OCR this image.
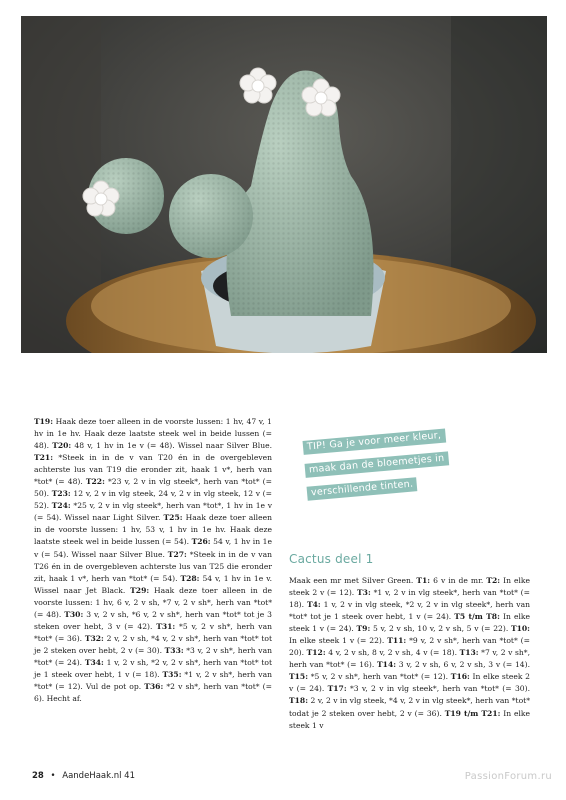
T19: Haak deze toer alleen in de voorste lussen: 1 hv, 47 v, 1 hv in 1e hv. Haak deze laatste steek wel in beide lussen (= 48). T20: 48 v, 1 hv in 1e v (= 48). Wissel naar Silver Blue. T21: *Steek in in de v van T20 én in de overgebleven achterste lus van T19 die eronder zit, haak 1 v*, herh van *tot* (= 48). T22: *23 v, 2 v in vlg steek*, herh van *tot* (= 50). T23: 12 v, 2 v in vlg steek, 24 v, 2 v in vlg steek, 12 v (= 52). T24: *25 v, 2 v in vlg steek*, herh van *tot*, 1 hv in 1e v (= 54). Wissel naar Light Silver. T25: Haak deze toer alleen in de voorste lussen: 1 hv, 53 v, 1 hv in 1e hv. Haak deze laatste steek wel in beide lussen (= 54). T26: 54 v, 1 hv in 1e v (= 54). Wissel naar Silver Blue. T27: *Steek in in de v van T26 én in de overgebleven achterste lus van T25 die eronder zit, haak 1 v*, herh van *tot* (= 54). T28: 54 v, 1 hv in 1e v. Wissel naar Jet Black. T29: Haak deze toer alleen in de voorste lussen: 1 hv, 6 v, 2 v sh, *7 v, 2 v sh*, herh van *tot* (= 48). T30: 3 v, 2 v sh, *6 v, 2 v sh*, herh van *tot* tot je 3 steken over hebt, 3 v (= 42). T31: *5 v, 2 v sh*, herh van *tot* (= 36). T32: 2 v, 2 v sh, *4 v, 2 v sh*, herh van *tot* tot je 2 steken over hebt, 2 v (= 30). T33: *3 v, 2 v sh*, herh van *tot* (= 24). T34: 1 v, 2 v sh, *2 v, 2 v sh*, herh van *tot* tot je 1 steek over hebt, 1 v (= 18). T35: *1 v, 2 v sh*, herh van *tot* (= 12). Vul de pot op. T36: *2 v sh*, herh van *tot* (= 6). Hecht af.

TIP! Ga je voor meer kleur,
maak dan de bloemetjes in
verschillende tinten.
Cactus deel 1

Maak een mr met Silver Green. T1: 6 v in de mr. T2: In elke steek 2 v (= 12). T3: *1 v, 2 v in vlg steek*, herh van *tot* (= 18). T4: 1 v, 2 v in vlg steek, *2 v, 2 v in vlg steek*, herh van *tot* tot je 1 steek over hebt, 1 v (= 24). T5 t/m T8: In elke steek 1 v (= 24). T9: 5 v, 2 v sh, 10 v, 2 v sh, 5 v (= 22). T10: In elke steek 1 v (= 22). T11: *9 v, 2 v sh*, herh van *tot* (= 20). T12: 4 v, 2 v sh, 8 v, 2 v sh, 4 v (= 18). T13: *7 v, 2 v sh*, herh van *tot* (= 16). T14: 3 v, 2 v sh, 6 v, 2 v sh, 3 v (= 14). T15: *5 v, 2 v sh*, herh van *tot* (= 12). T16: In elke steek 2 v (= 24). T17: *3 v, 2 v in vlg steek*, herh van *tot* (= 30). T18: 2 v, 2 v in vlg steek, *4 v, 2 v in vlg steek*, herh van *tot* todat je 2 steken over hebt, 2 v (= 36). T19 t/m T21: In elke steek 1 v

28 • AandeHaak.nl 41	PassionForum.ru
